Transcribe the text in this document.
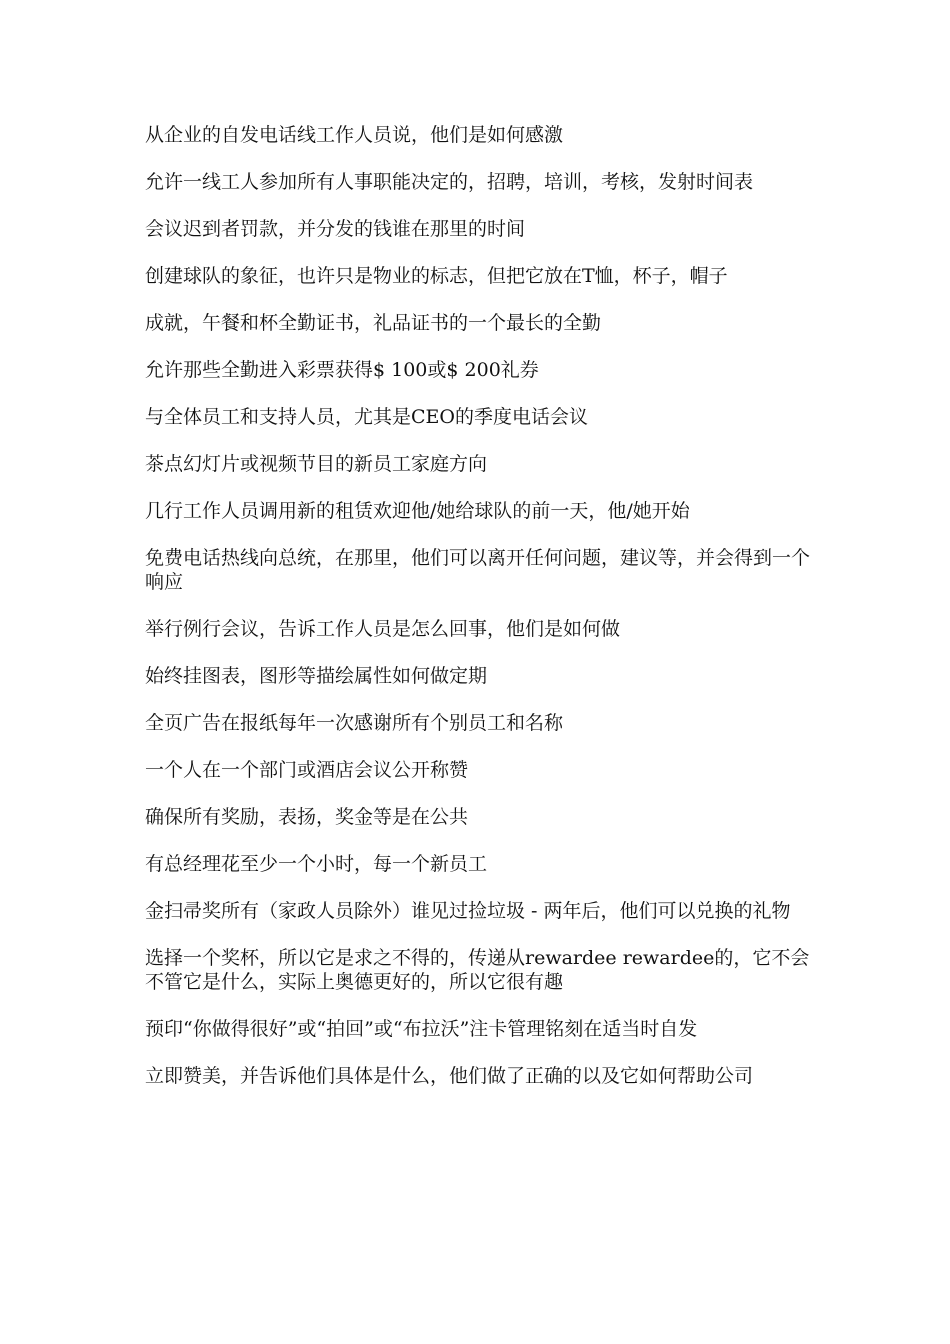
从企业的自发电话线工作人员说，他们是如何感激

允许一线工人参加所有人事职能决定的，招聘，培训，考核，发射时间表

会议迟到者罚款，并分发的钱谁在那里的时间

创建球队的象征，也许只是物业的标志，但把它放在T恤，杯子，帽子

成就，午餐和杯全勤证书，礼品证书的一个最长的全勤

允许那些全勤进入彩票获得$ 100或$ 200礼券

与全体员工和支持人员，尤其是CEO的季度电话会议

茶点幻灯片或视频节目的新员工家庭方向

几行工作人员调用新的租赁欢迎他/她给球队的前一天，他/她开始

免费电话热线向总统，在那里，他们可以离开任何问题，建议等，并会得到一个响应

举行例行会议，告诉工作人员是怎么回事，他们是如何做

始终挂图表，图形等描绘属性如何做定期

全页广告在报纸每年一次感谢所有个别员工和名称

一个人在一个部门或酒店会议公开称赞

确保所有奖励，表扬，奖金等是在公共

有总经理花至少一个小时，每一个新员工

金扫帚奖所有（家政人员除外）谁见过捡垃圾 - 两年后，他们可以兑换的礼物

选择一个奖杯，所以它是求之不得的，传递从rewardee rewardee的，它不会不管它是什么，实际上奥德更好的，所以它很有趣

预印“你做得很好”或“拍回”或“布拉沃”注卡管理铭刻在适当时自发

立即赞美，并告诉他们具体是什么，他们做了正确的以及它如何帮助公司
